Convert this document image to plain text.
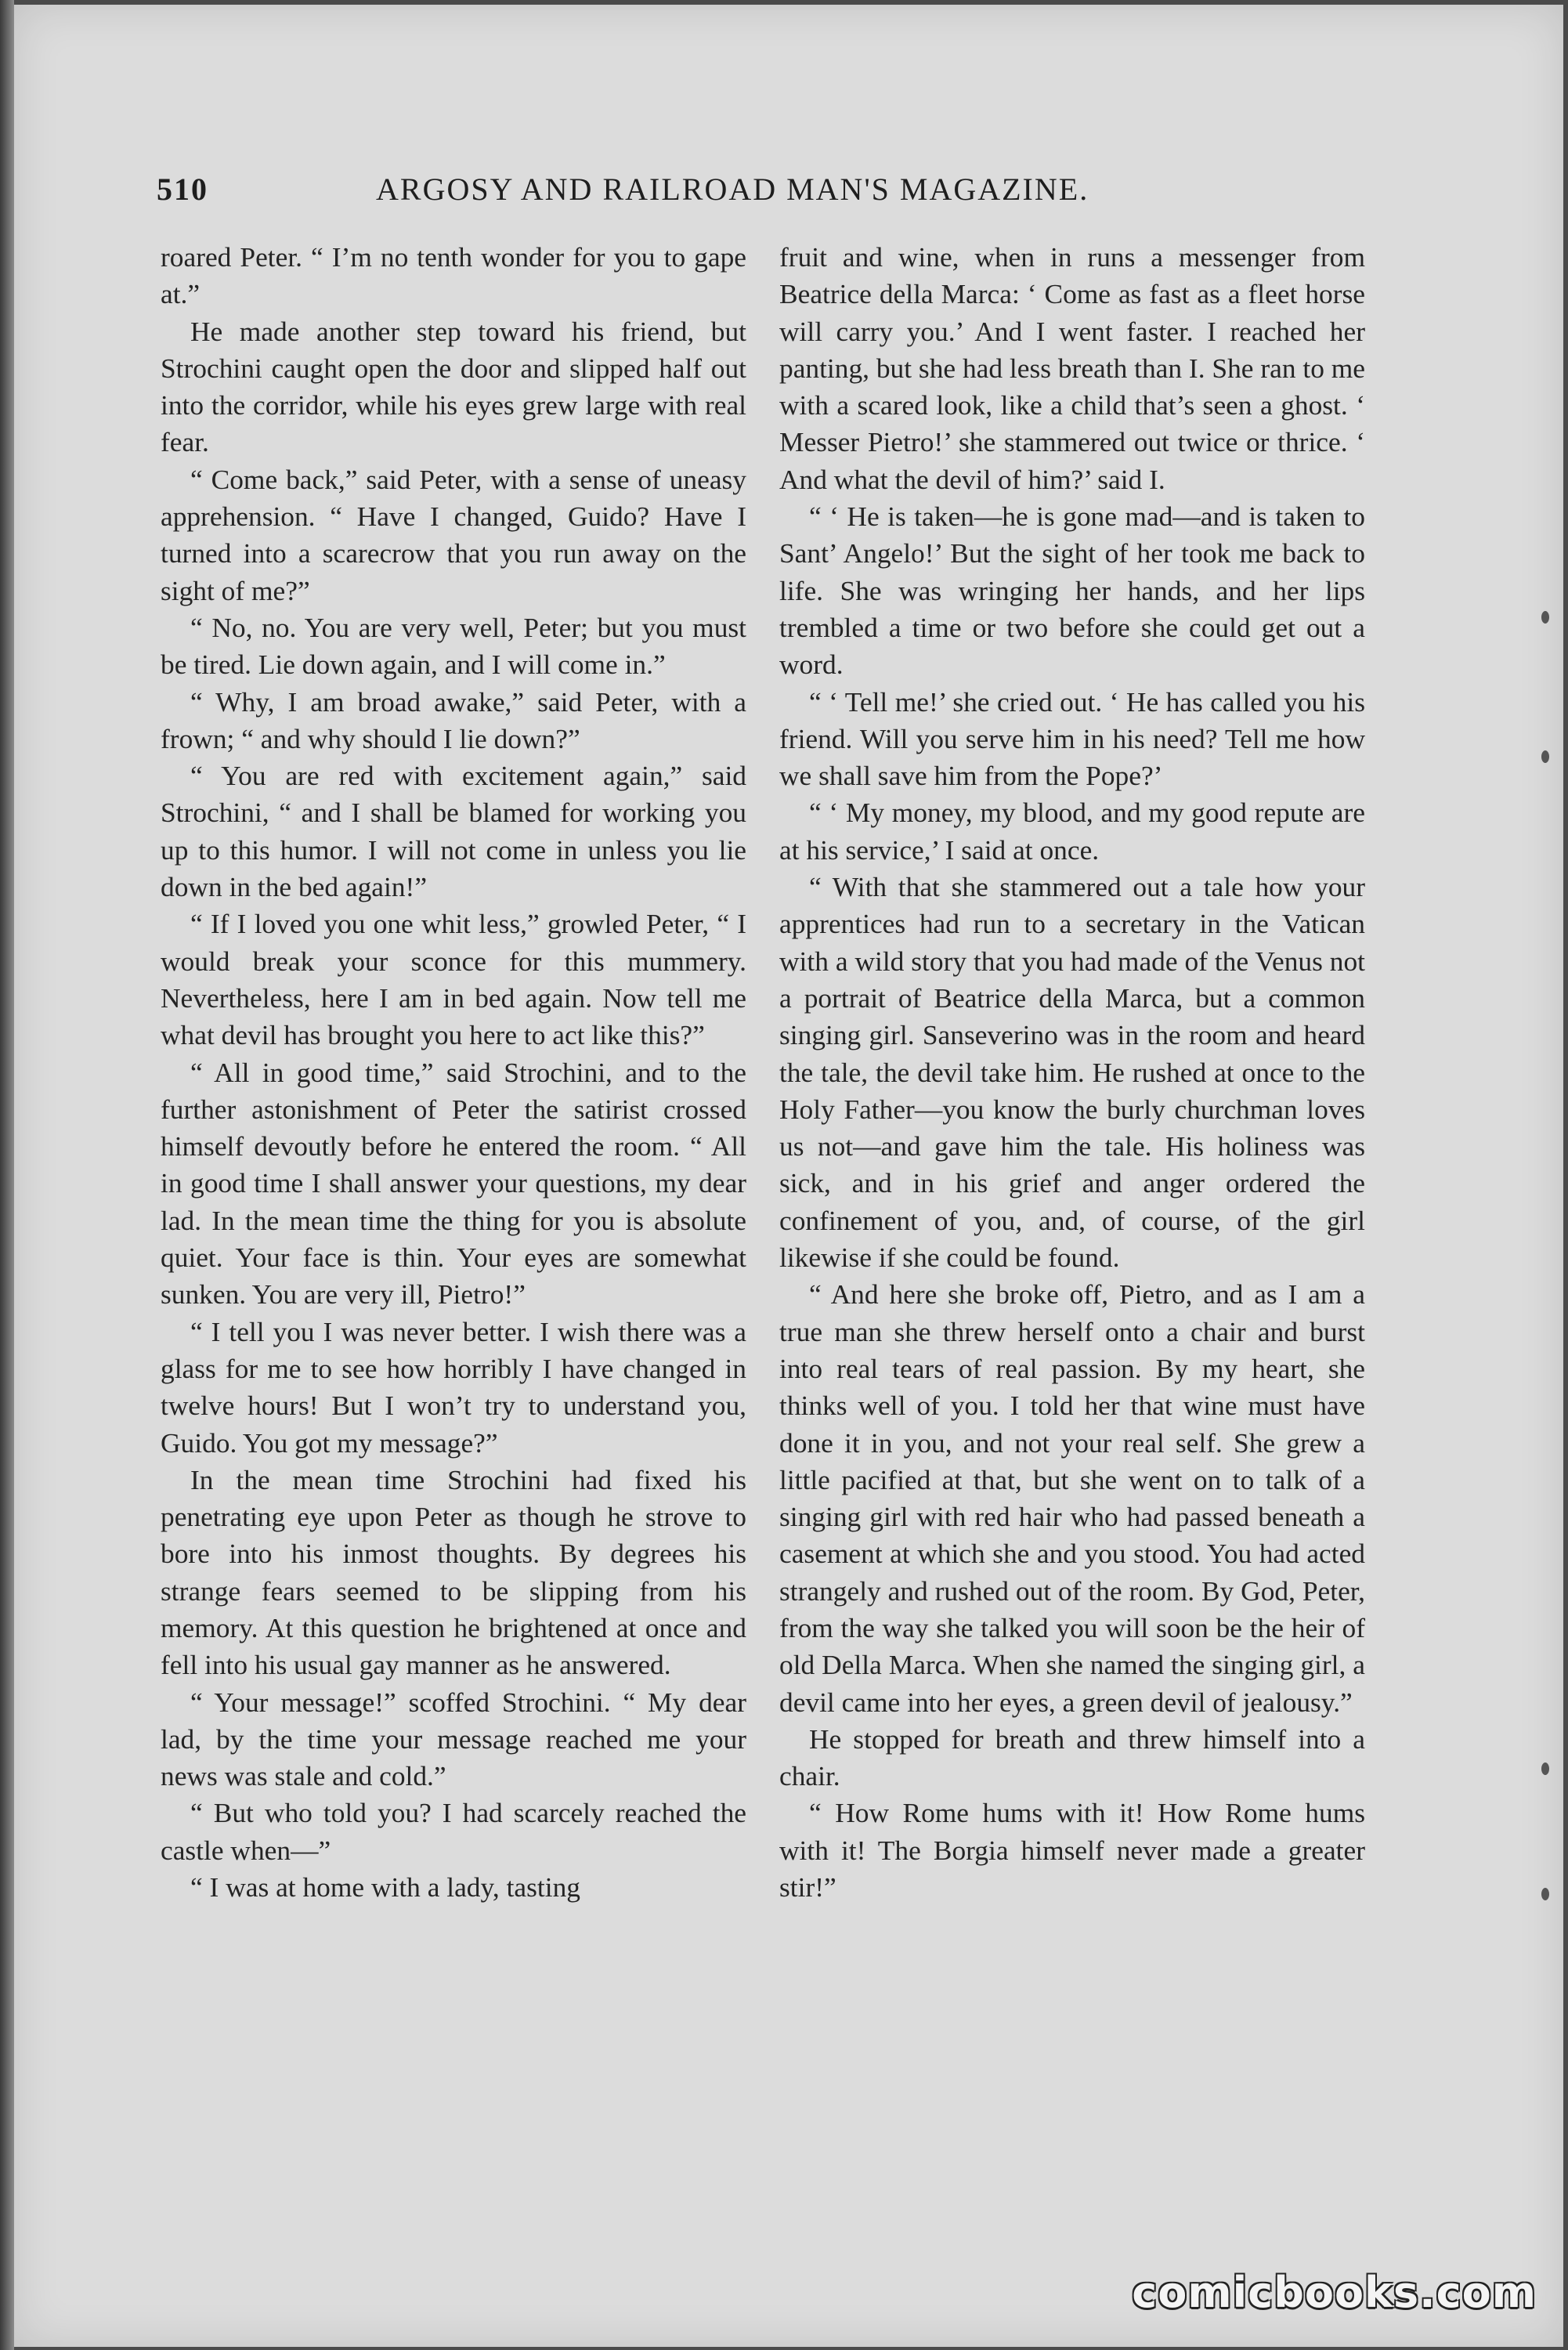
510	ARGOSY AND RAILROAD MAN'S MAGAZINE.

roared Peter. “ I’m no tenth wonder for you to gape at.”

He made another step toward his friend, but Strochini caught open the door and slipped half out into the corridor, while his eyes grew large with real fear.

“ Come back,” said Peter, with a sense of uneasy apprehension. “ Have I changed, Guido? Have I turned into a scarecrow that you run away on the sight of me?”

“ No, no. You are very well, Peter; but you must be tired. Lie down again, and I will come in.”

“ Why, I am broad awake,” said Peter, with a frown; “ and why should I lie down?”

“ You are red with excitement again,” said Strochini, “ and I shall be blamed for working you up to this humor. I will not come in unless you lie down in the bed again!”

“ If I loved you one whit less,” growled Peter, “ I would break your sconce for this mummery. Nevertheless, here I am in bed again. Now tell me what devil has brought you here to act like this?”

“ All in good time,” said Strochini, and to the further astonishment of Peter the satirist crossed himself devoutly before he entered the room. “ All in good time I shall answer your questions, my dear lad. In the mean time the thing for you is absolute quiet. Your face is thin. Your eyes are somewhat sunken. You are very ill, Pietro!”

“ I tell you I was never better. I wish there was a glass for me to see how horribly I have changed in twelve hours! But I won’t try to understand you, Guido. You got my message?”

In the mean time Strochini had fixed his penetrating eye upon Peter as though he strove to bore into his inmost thoughts. By degrees his strange fears seemed to be slipping from his memory. At this question he brightened at once and fell into his usual gay manner as he answered.

“ Your message!” scoffed Strochini. “ My dear lad, by the time your message reached me your news was stale and cold.”

“ But who told you? I had scarcely reached the castle when—”

“ I was at home with a lady, tasting

fruit and wine, when in runs a messenger from Beatrice della Marca: ‘ Come as fast as a fleet horse will carry you.’ And I went faster. I reached her panting, but she had less breath than I. She ran to me with a scared look, like a child that’s seen a ghost. ‘ Messer Pietro!’ she stammered out twice or thrice. ‘ And what the devil of him?’ said I.

“ ‘ He is taken—he is gone mad—and is taken to Sant’ Angelo!’ But the sight of her took me back to life. She was wringing her hands, and her lips trembled a time or two before she could get out a word.

“ ‘ Tell me!’ she cried out. ‘ He has called you his friend. Will you serve him in his need? Tell me how we shall save him from the Pope?’

“ ‘ My money, my blood, and my good repute are at his service,’ I said at once.

“ With that she stammered out a tale how your apprentices had run to a secretary in the Vatican with a wild story that you had made of the Venus not a portrait of Beatrice della Marca, but a common singing girl. Sanseverino was in the room and heard the tale, the devil take him. He rushed at once to the Holy Father—you know the burly churchman loves us not—and gave him the tale. His holiness was sick, and in his grief and anger ordered the confinement of you, and, of course, of the girl likewise if she could be found.

“ And here she broke off, Pietro, and as I am a true man she threw herself onto a chair and burst into real tears of real passion. By my heart, she thinks well of you. I told her that wine must have done it in you, and not your real self. She grew a little pacified at that, but she went on to talk of a singing girl with red hair who had passed beneath a casement at which she and you stood. You had acted strangely and rushed out of the room. By God, Peter, from the way she talked you will soon be the heir of old Della Marca. When she named the singing girl, a devil came into her eyes, a green devil of jealousy.”

He stopped for breath and threw himself into a chair.

“ How Rome hums with it! How Rome hums with it! The Borgia himself never made a greater stir!”

comicbooks.com
